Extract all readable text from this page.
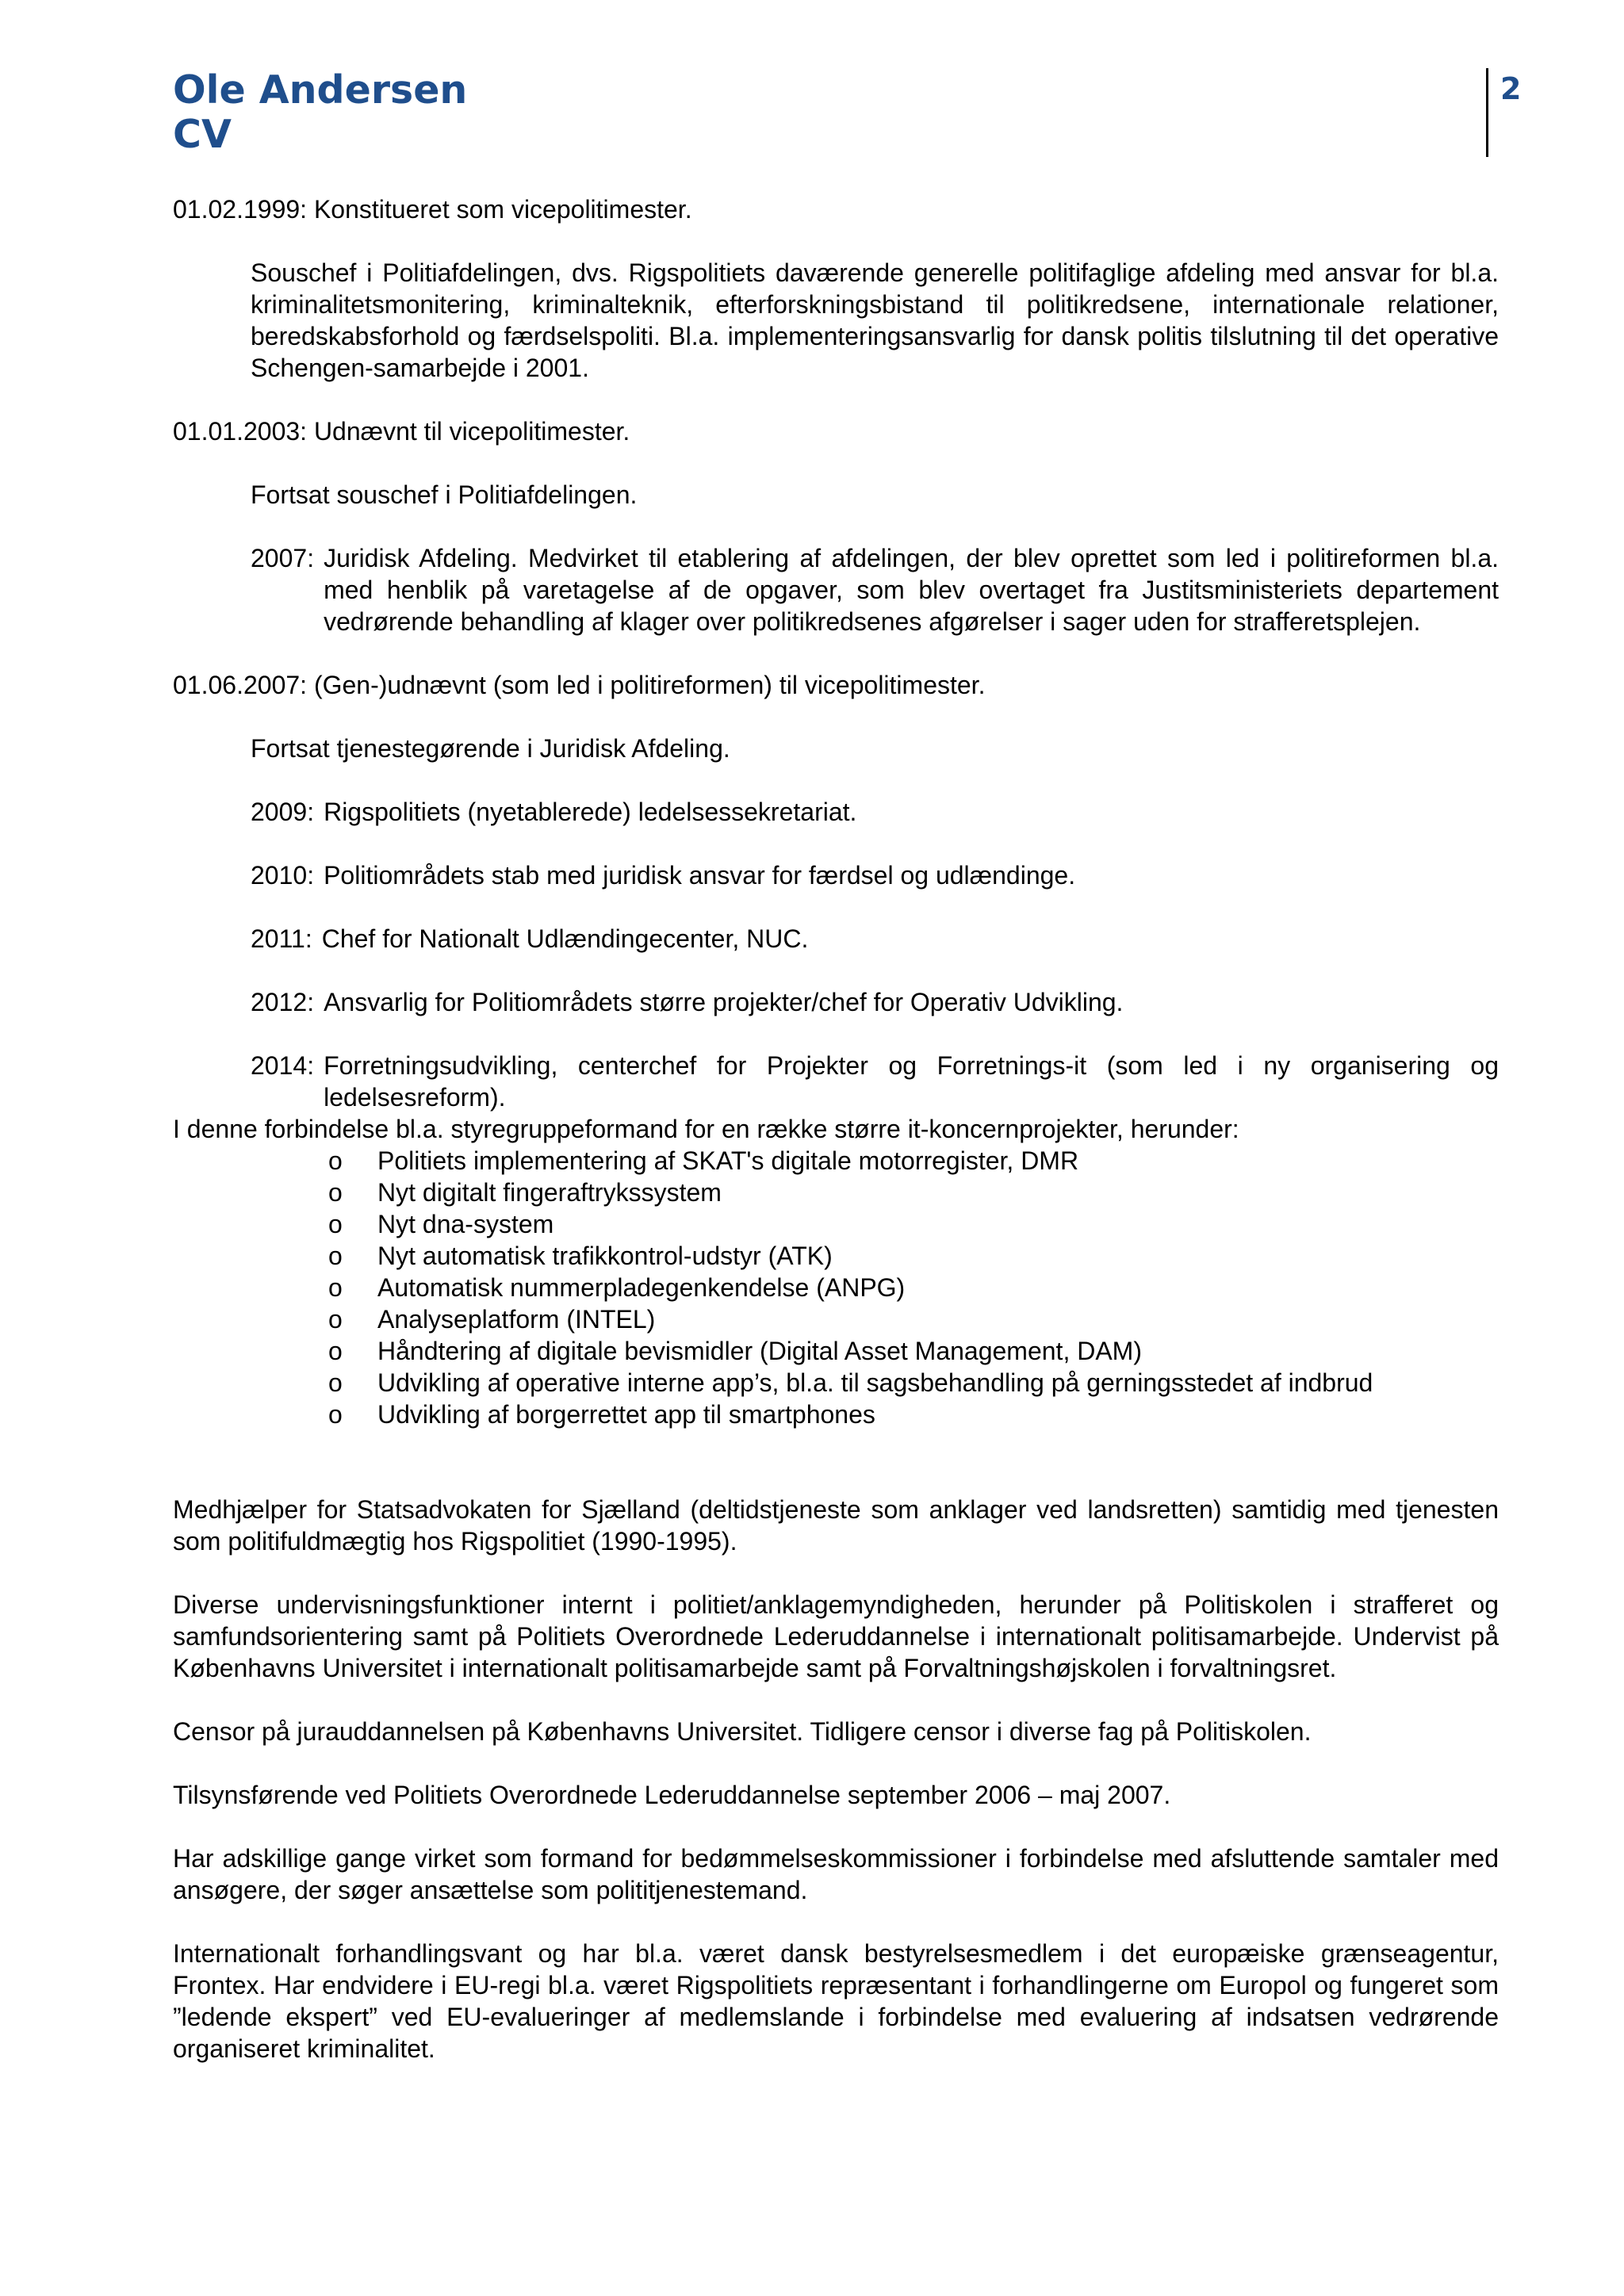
Ole Andersen
CV
2

01.02.1999: Konstitueret som vicepolitimester.

Souschef i Politiafdelingen, dvs. Rigspolitiets daværende generelle politifaglige afdeling med ansvar for bl.a. kriminalitetsmonitering, kriminalteknik, efterforskningsbistand til politikredsene, internationale relationer, beredskabsforhold og færdselspoliti. Bl.a. implementeringsansvarlig for dansk politis tilslutning til det operative Schengen-samarbejde i 2001.

01.01.2003: Udnævnt til vicepolitimester.

Fortsat souschef i Politiafdelingen.

2007: Juridisk Afdeling. Medvirket til etablering af afdelingen, der blev oprettet som led i politireformen bl.a. med henblik på varetagelse af de opgaver, som blev overtaget fra Justitsministeriets departement vedrørende behandling af klager over politikredsenes afgørelser i sager uden for strafferetsplejen.

01.06.2007: (Gen-)udnævnt (som led i politireformen) til vicepolitimester.

Fortsat tjenestegørende i Juridisk Afdeling.

2009: Rigspolitiets (nyetablerede) ledelsessekretariat.
2010: Politiområdets stab med juridisk ansvar for færdsel og udlændinge.
2011: Chef for Nationalt Udlændingecenter, NUC.
2012: Ansvarlig for Politiområdets større projekter/chef for Operativ Udvikling.
2014: Forretningsudvikling, centerchef for Projekter og Forretnings-it (som led i ny organisering og ledelsesreform).

I denne forbindelse bl.a. styregruppeformand for en række større it-koncernprojekter, herunder:

o	Politiets implementering af SKAT's digitale motorregister, DMR
o	Nyt digitalt fingeraftrykssystem
o	Nyt dna-system
o	Nyt automatisk trafikkontrol-udstyr (ATK)
o	Automatisk nummerpladegenkendelse (ANPG)
o	Analyseplatform (INTEL)
o	Håndtering af digitale bevismidler (Digital Asset Management, DAM)
o	Udvikling af operative interne app’s, bl.a. til sagsbehandling på gerningsstedet af indbrud
o	Udvikling af borgerrettet app til smartphones

Medhjælper for Statsadvokaten for Sjælland (deltidstjeneste som anklager ved landsretten) samtidig med tjenesten som politifuldmægtig hos Rigspolitiet (1990-1995).

Diverse undervisningsfunktioner internt i politiet/anklagemyndigheden, herunder på Politiskolen i strafferet og samfundsorientering samt på Politiets Overordnede Lederuddannelse i internationalt politisamarbejde. Undervist på Københavns Universitet i internationalt politisamarbejde samt på Forvaltningshøjskolen i forvaltningsret.

Censor på jurauddannelsen på Københavns Universitet. Tidligere censor i diverse fag på Politiskolen.

Tilsynsførende ved Politiets Overordnede Lederuddannelse september 2006 – maj 2007.

Har adskillige gange virket som formand for bedømmelseskommissioner i forbindelse med afsluttende samtaler med ansøgere, der søger ansættelse som polititjenestemand.

Internationalt forhandlingsvant og har bl.a. været dansk bestyrelsesmedlem i det europæiske grænseagentur, Frontex. Har endvidere i EU-regi bl.a. været Rigspolitiets repræsentant i forhandlingerne om Europol og fungeret som ”ledende ekspert” ved EU-evalueringer af medlemslande i forbindelse med evaluering af indsatsen vedrørende organiseret kriminalitet.
